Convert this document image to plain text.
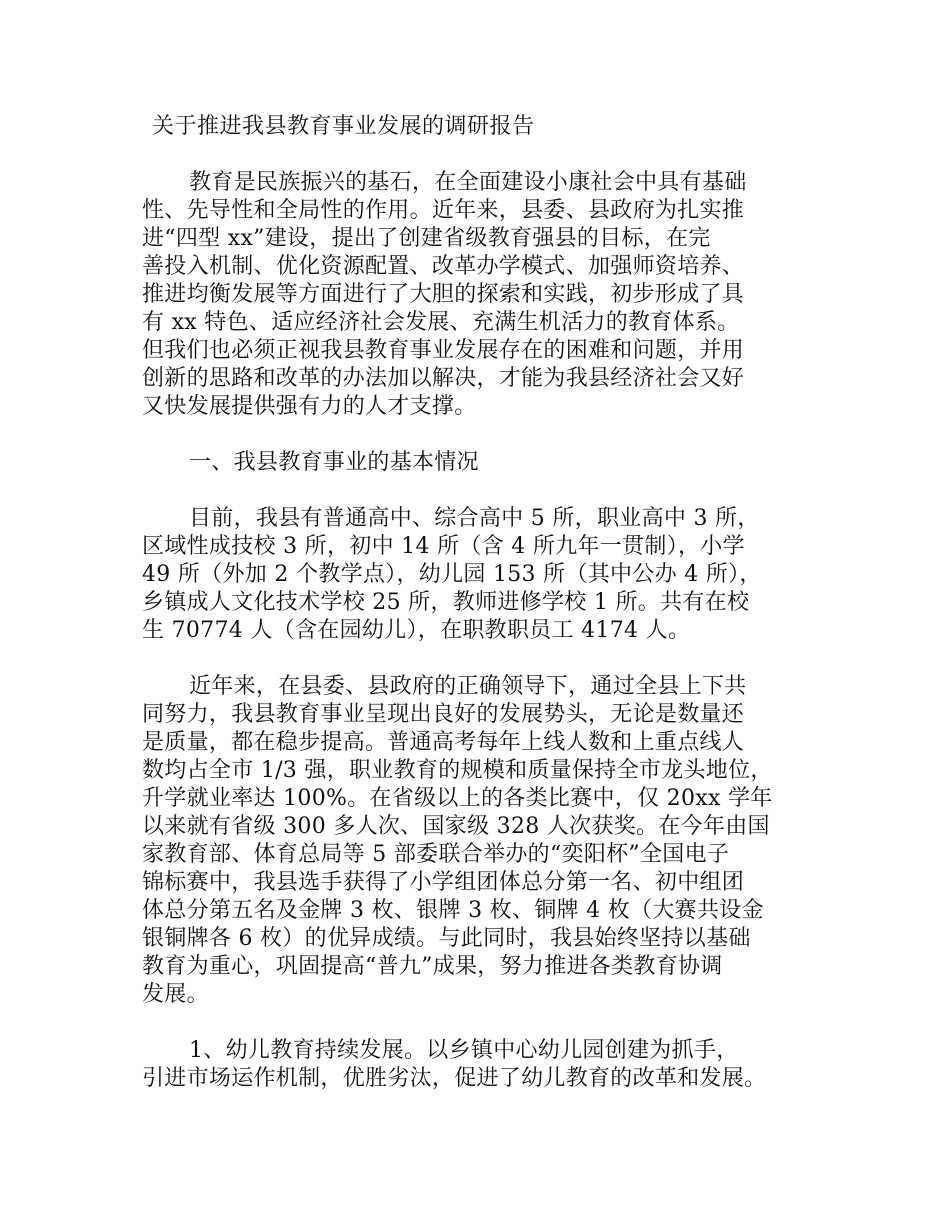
关于推进我县教育事业发展的调研报告
教育是民族振兴的基石，在全面建设小康社会中具有基础
性、先导性和全局性的作用。近年来，县委、县政府为扎实推
进“四型 xx”建设，提出了创建省级教育强县的目标，在完
善投入机制、优化资源配置、改革办学模式、加强师资培养、
推进均衡发展等方面进行了大胆的探索和实践，初步形成了具
有 xx 特色、适应经济社会发展、充满生机活力的教育体系。
但我们也必须正视我县教育事业发展存在的困难和问题，并用
创新的思路和改革的办法加以解决，才能为我县经济社会又好
又快发展提供强有力的人才支撑。
一、我县教育事业的基本情况
目前，我县有普通高中、综合高中 5 所，职业高中 3 所，
区域性成技校 3 所，初中 14 所（含 4 所九年一贯制），小学
49 所（外加 2 个教学点），幼儿园 153 所（其中公办 4 所），
乡镇成人文化技术学校 25 所，教师进修学校 1 所。共有在校
生 70774 人（含在园幼儿），在职教职员工 4174 人。
近年来，在县委、县政府的正确领导下，通过全县上下共
同努力，我县教育事业呈现出良好的发展势头，无论是数量还
是质量，都在稳步提高。普通高考每年上线人数和上重点线人
数均占全市 1/3 强，职业教育的规模和质量保持全市龙头地位，
升学就业率达 100%。在省级以上的各类比赛中，仅 20xx 学年
以来就有省级 300 多人次、国家级 328 人次获奖。在今年由国
家教育部、体育总局等 5 部委联合举办的“奕阳杯”全国电子
锦标赛中，我县选手获得了小学组团体总分第一名、初中组团
体总分第五名及金牌 3 枚、银牌 3 枚、铜牌 4 枚（大赛共设金
银铜牌各 6 枚）的优异成绩。与此同时，我县始终坚持以基础
教育为重心，巩固提高“普九”成果，努力推进各类教育协调
发展。
1、幼儿教育持续发展。以乡镇中心幼儿园创建为抓手，
引进市场运作机制，优胜劣汰，促进了幼儿教育的改革和发展。
